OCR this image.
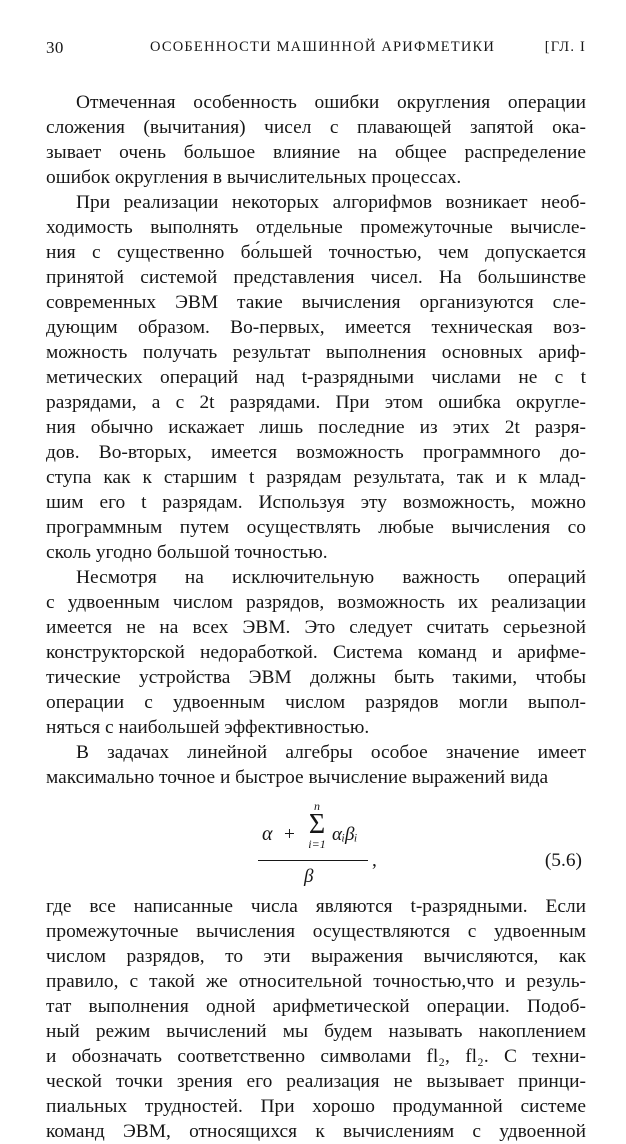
30	ОСОБЕННОСТИ МАШИННОЙ АРИФМЕТИКИ	[ГЛ. I

Отмеченная особенность ошибки округления операции
сложения (вычитания) чисел с плавающей запятой ока-
зывает очень большое влияние на общее распределение
ошибок округления в вычислительных процессах.

При реализации некоторых алгорифмов возникает необ-
ходимость выполнять отдельные промежуточные вычисле-
ния с существенно бо́льшей точностью, чем допускается
принятой системой представления чисел. На большинстве
современных ЭВМ такие вычисления организуются сле-
дующим образом. Во-первых, имеется техническая воз-
можность получать результат выполнения основных ариф-
метических операций над t-разрядными числами не с t
разрядами, а с 2t разрядами. При этом ошибка округле-
ния обычно искажает лишь последние из этих 2t разря-
дов. Во-вторых, имеется возможность программного до-
ступа как к старшим t разрядам результата, так и к млад-
шим его t разрядам. Используя эту возможность, можно
программным путем осуществлять любые вычисления со
сколь угодно большой точностью.

Несмотря на исключительную важность операций
с удвоенным числом разрядов, возможность их реализации
имеется не на всех ЭВМ. Это следует считать серьезной
конструкторской недоработкой. Система команд и арифме-
тические устройства ЭВМ должны быть такими, чтобы
операции с удвоенным числом разрядов могли выпол-
няться с наибольшей эффективностью.

В задачах линейной алгебры особое значение имеет
максимально точное и быстрое вычисление выражений вида

α +
n
Σ
i=1 αᵢβᵢ
β
,	(5.6)

где все написанные числа являются t-разрядными. Если
промежуточные вычисления осуществляются с удвоенным
числом разрядов, то эти выражения вычисляются, как
правило, с такой же относительной точностью,что и резуль-
тат выполнения одной арифметической операции. Подоб-
ный режим вычислений мы будем называть накоплением
и обозначать соответственно символами fl₂, fl₂. С техни-
ческой точки зрения его реализация не вызывает принци-
пиальных трудностей. При хорошо продуманной системе
команд ЭВМ, относящихся к вычислениям с удвоенной
